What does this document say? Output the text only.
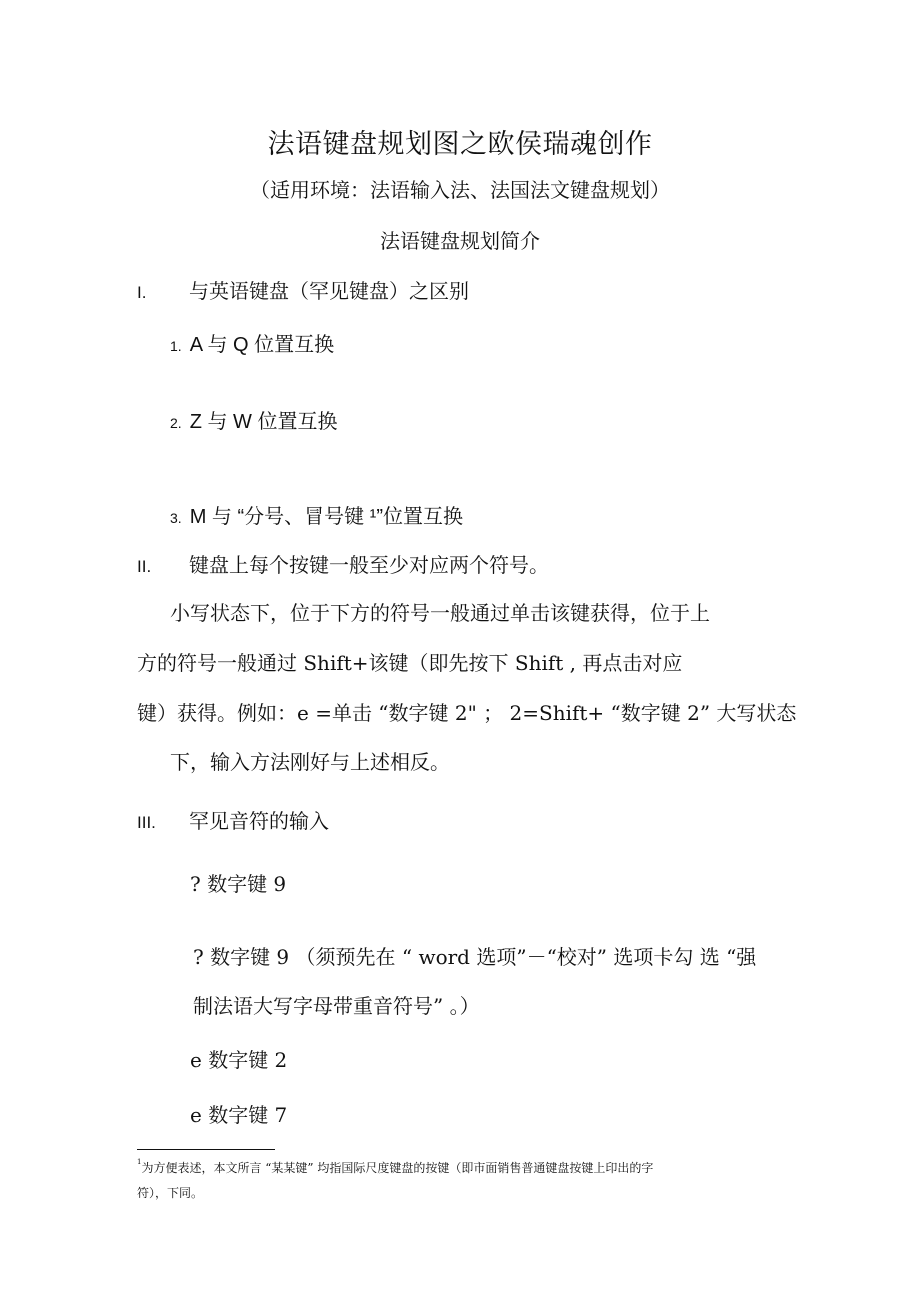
法语键盘规划图之欧侯瑞魂创作
（适用环境：法语输入法、法国法文键盘规划）
法语键盘规划简介
I. 与英语键盘（罕见键盘）之区别
1. A 与 Q 位置互换
2. Z 与 W 位置互换
3. M 与 “分号、冒号键 ¹”位置互换
II. 键盘上每个按键一般至少对应两个符号。
小写状态下，位于下方的符号一般通过单击该键获得，位于上
方的符号一般通过 Shift+该键（即先按下 Shift , 再点击对应
键）获得。例如：e =单击 “数字键 2" ； 2=Shift+ “数字键 2” 大写状态
下，输入方法刚好与上述相反。
III. 罕见音符的输入
? 数字键 9
? 数字键 9 （须预先在 “ word 选项”－“校对” 选项卡勾 选 “强
制法语大写字母带重音符号” 。）
e 数字键 2
e 数字键 7
$^1$为方便表述，本文所言 “某某键” 均指国际尺度键盘的按键（即市面销售普通键盘按键上印出的字
符），下同。
